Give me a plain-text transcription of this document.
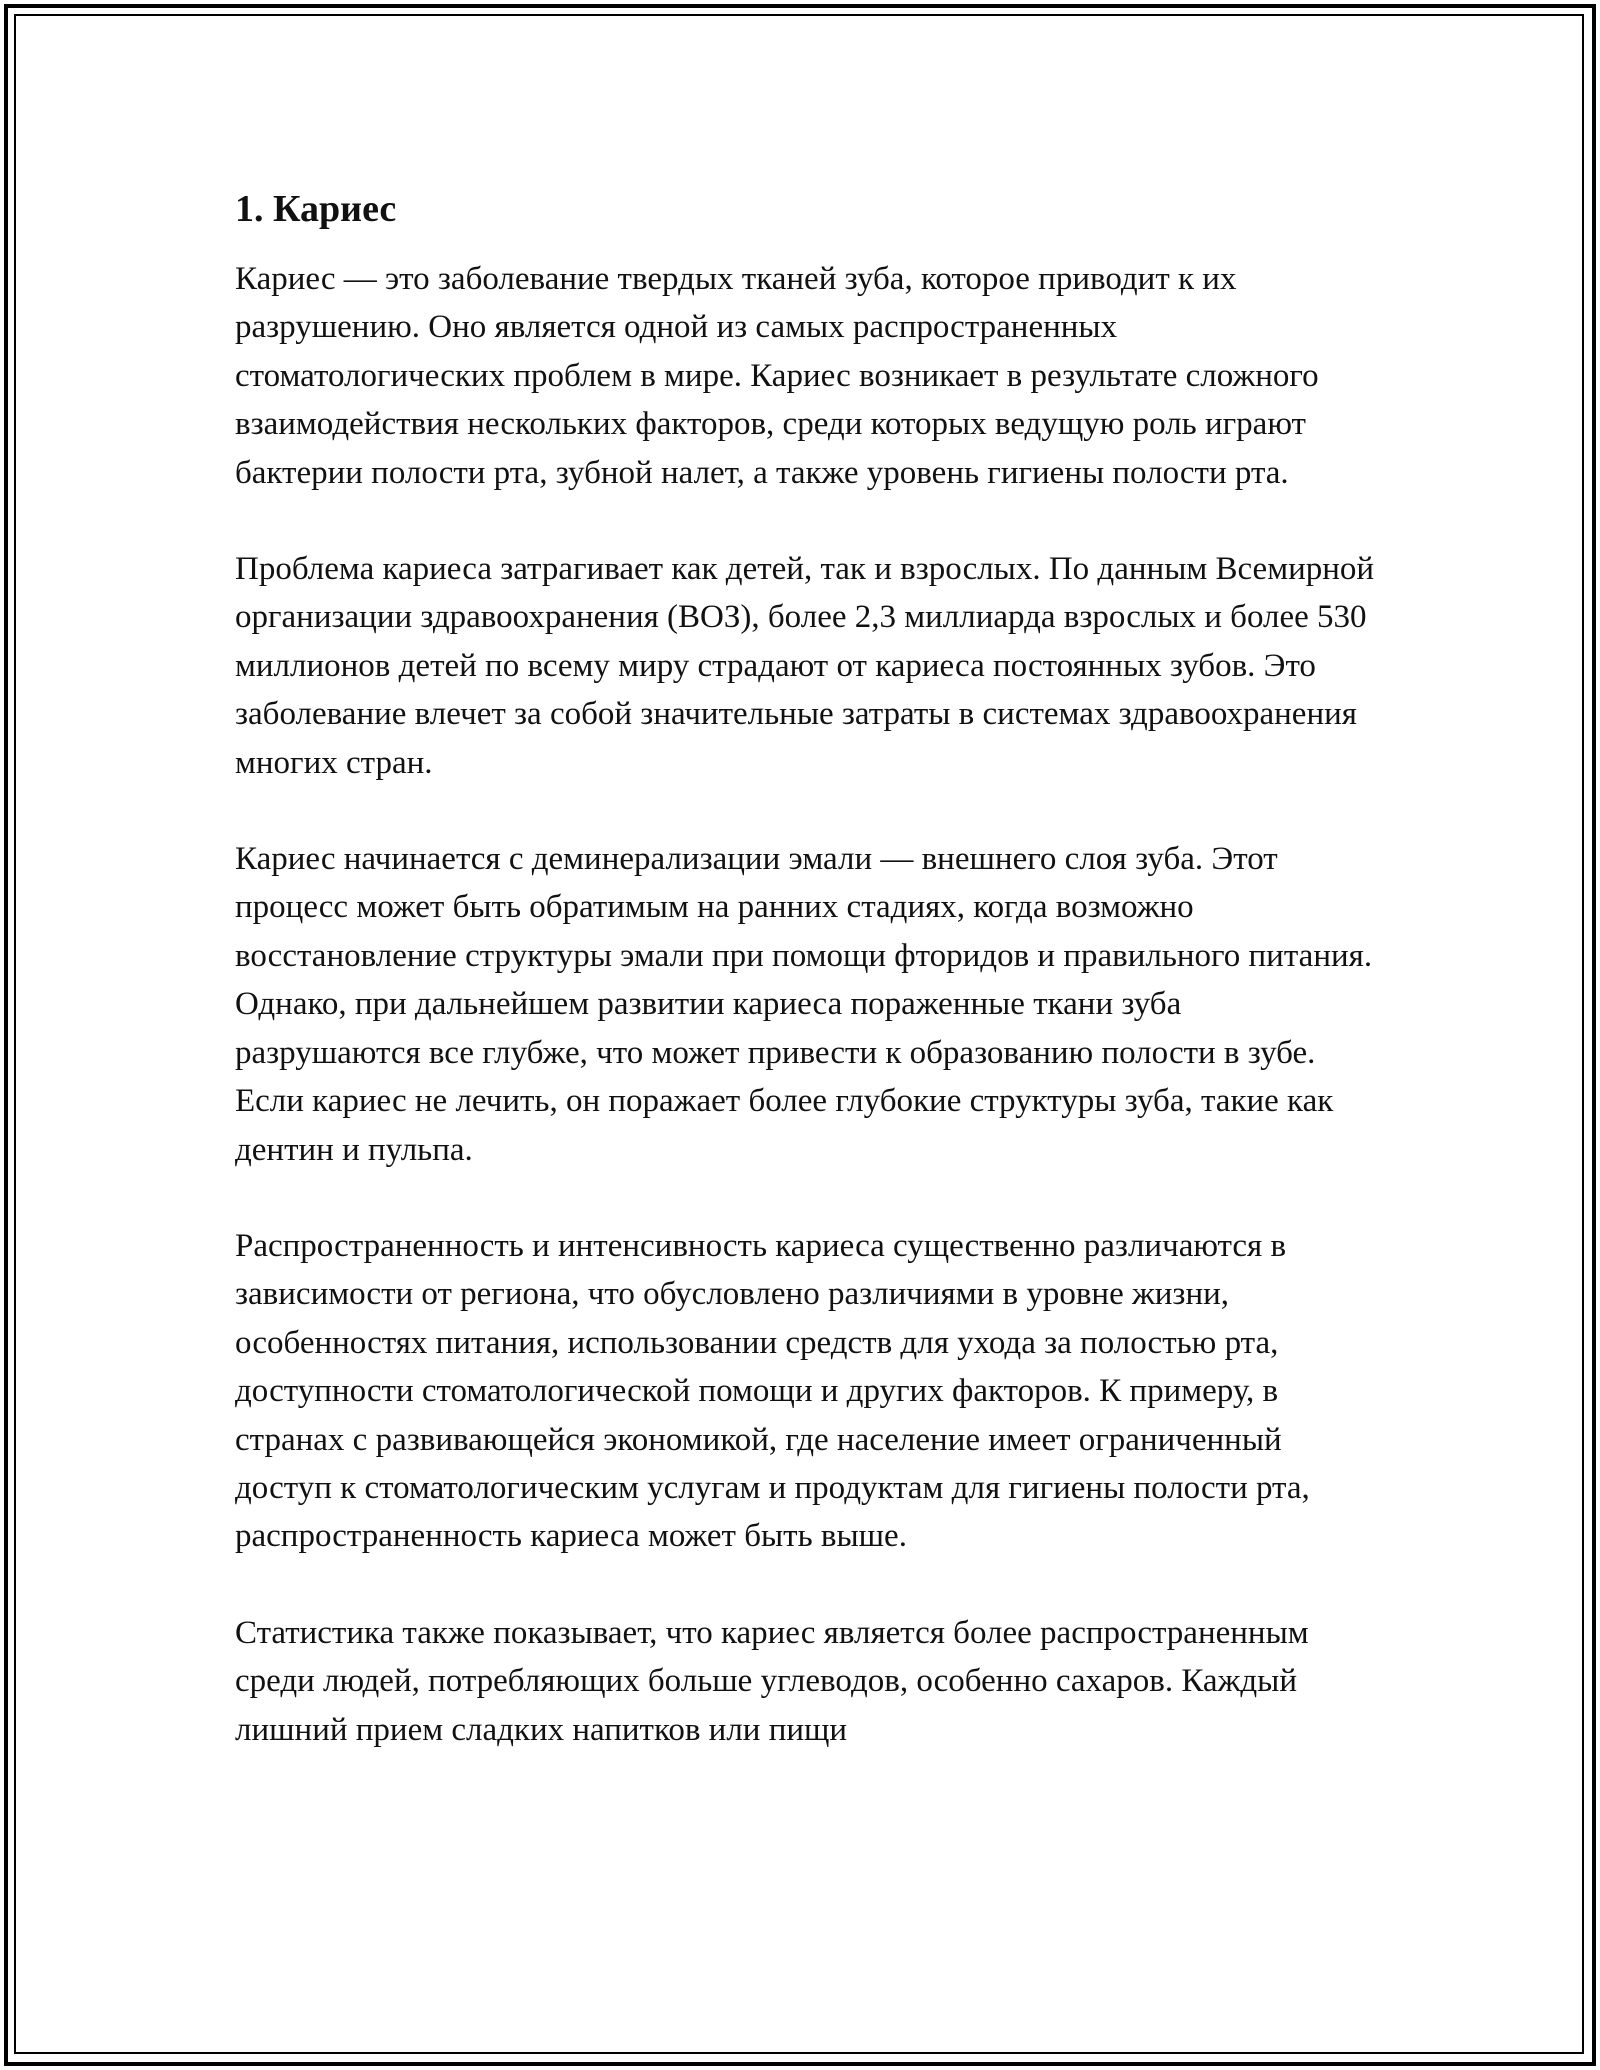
1. Кариес

Кариес — это заболевание твердых тканей зуба, которое приводит к их разрушению. Оно является одной из самых распространенных стоматологических проблем в мире. Кариес возникает в результате сложного взаимодействия нескольких факторов, среди которых ведущую роль играют бактерии полости рта, зубной налет, а также уровень гигиены полости рта.

Проблема кариеса затрагивает как детей, так и взрослых. По данным Всемирной организации здравоохранения (ВОЗ), более 2,3 миллиарда взрослых и более 530 миллионов детей по всему миру страдают от кариеса постоянных зубов. Это заболевание влечет за собой значительные затраты в системах здравоохранения многих стран.

Кариес начинается с деминерализации эмали — внешнего слоя зуба. Этот процесс может быть обратимым на ранних стадиях, когда возможно восстановление структуры эмали при помощи фторидов и правильного питания. Однако, при дальнейшем развитии кариеса пораженные ткани зуба разрушаются все глубже, что может привести к образованию полости в зубе. Если кариес не лечить, он поражает более глубокие структуры зуба, такие как дентин и пульпа.

Распространенность и интенсивность кариеса существенно различаются в зависимости от региона, что обусловлено различиями в уровне жизни, особенностях питания, использовании средств для ухода за полостью рта, доступности стоматологической помощи и других факторов. К примеру, в странах с развивающейся экономикой, где население имеет ограниченный доступ к стоматологическим услугам и продуктам для гигиены полости рта, распространенность кариеса может быть выше.

Статистика также показывает, что кариес является более распространенным среди людей, потребляющих больше углеводов, особенно сахаров. Каждый лишний прием сладких напитков или пищи
